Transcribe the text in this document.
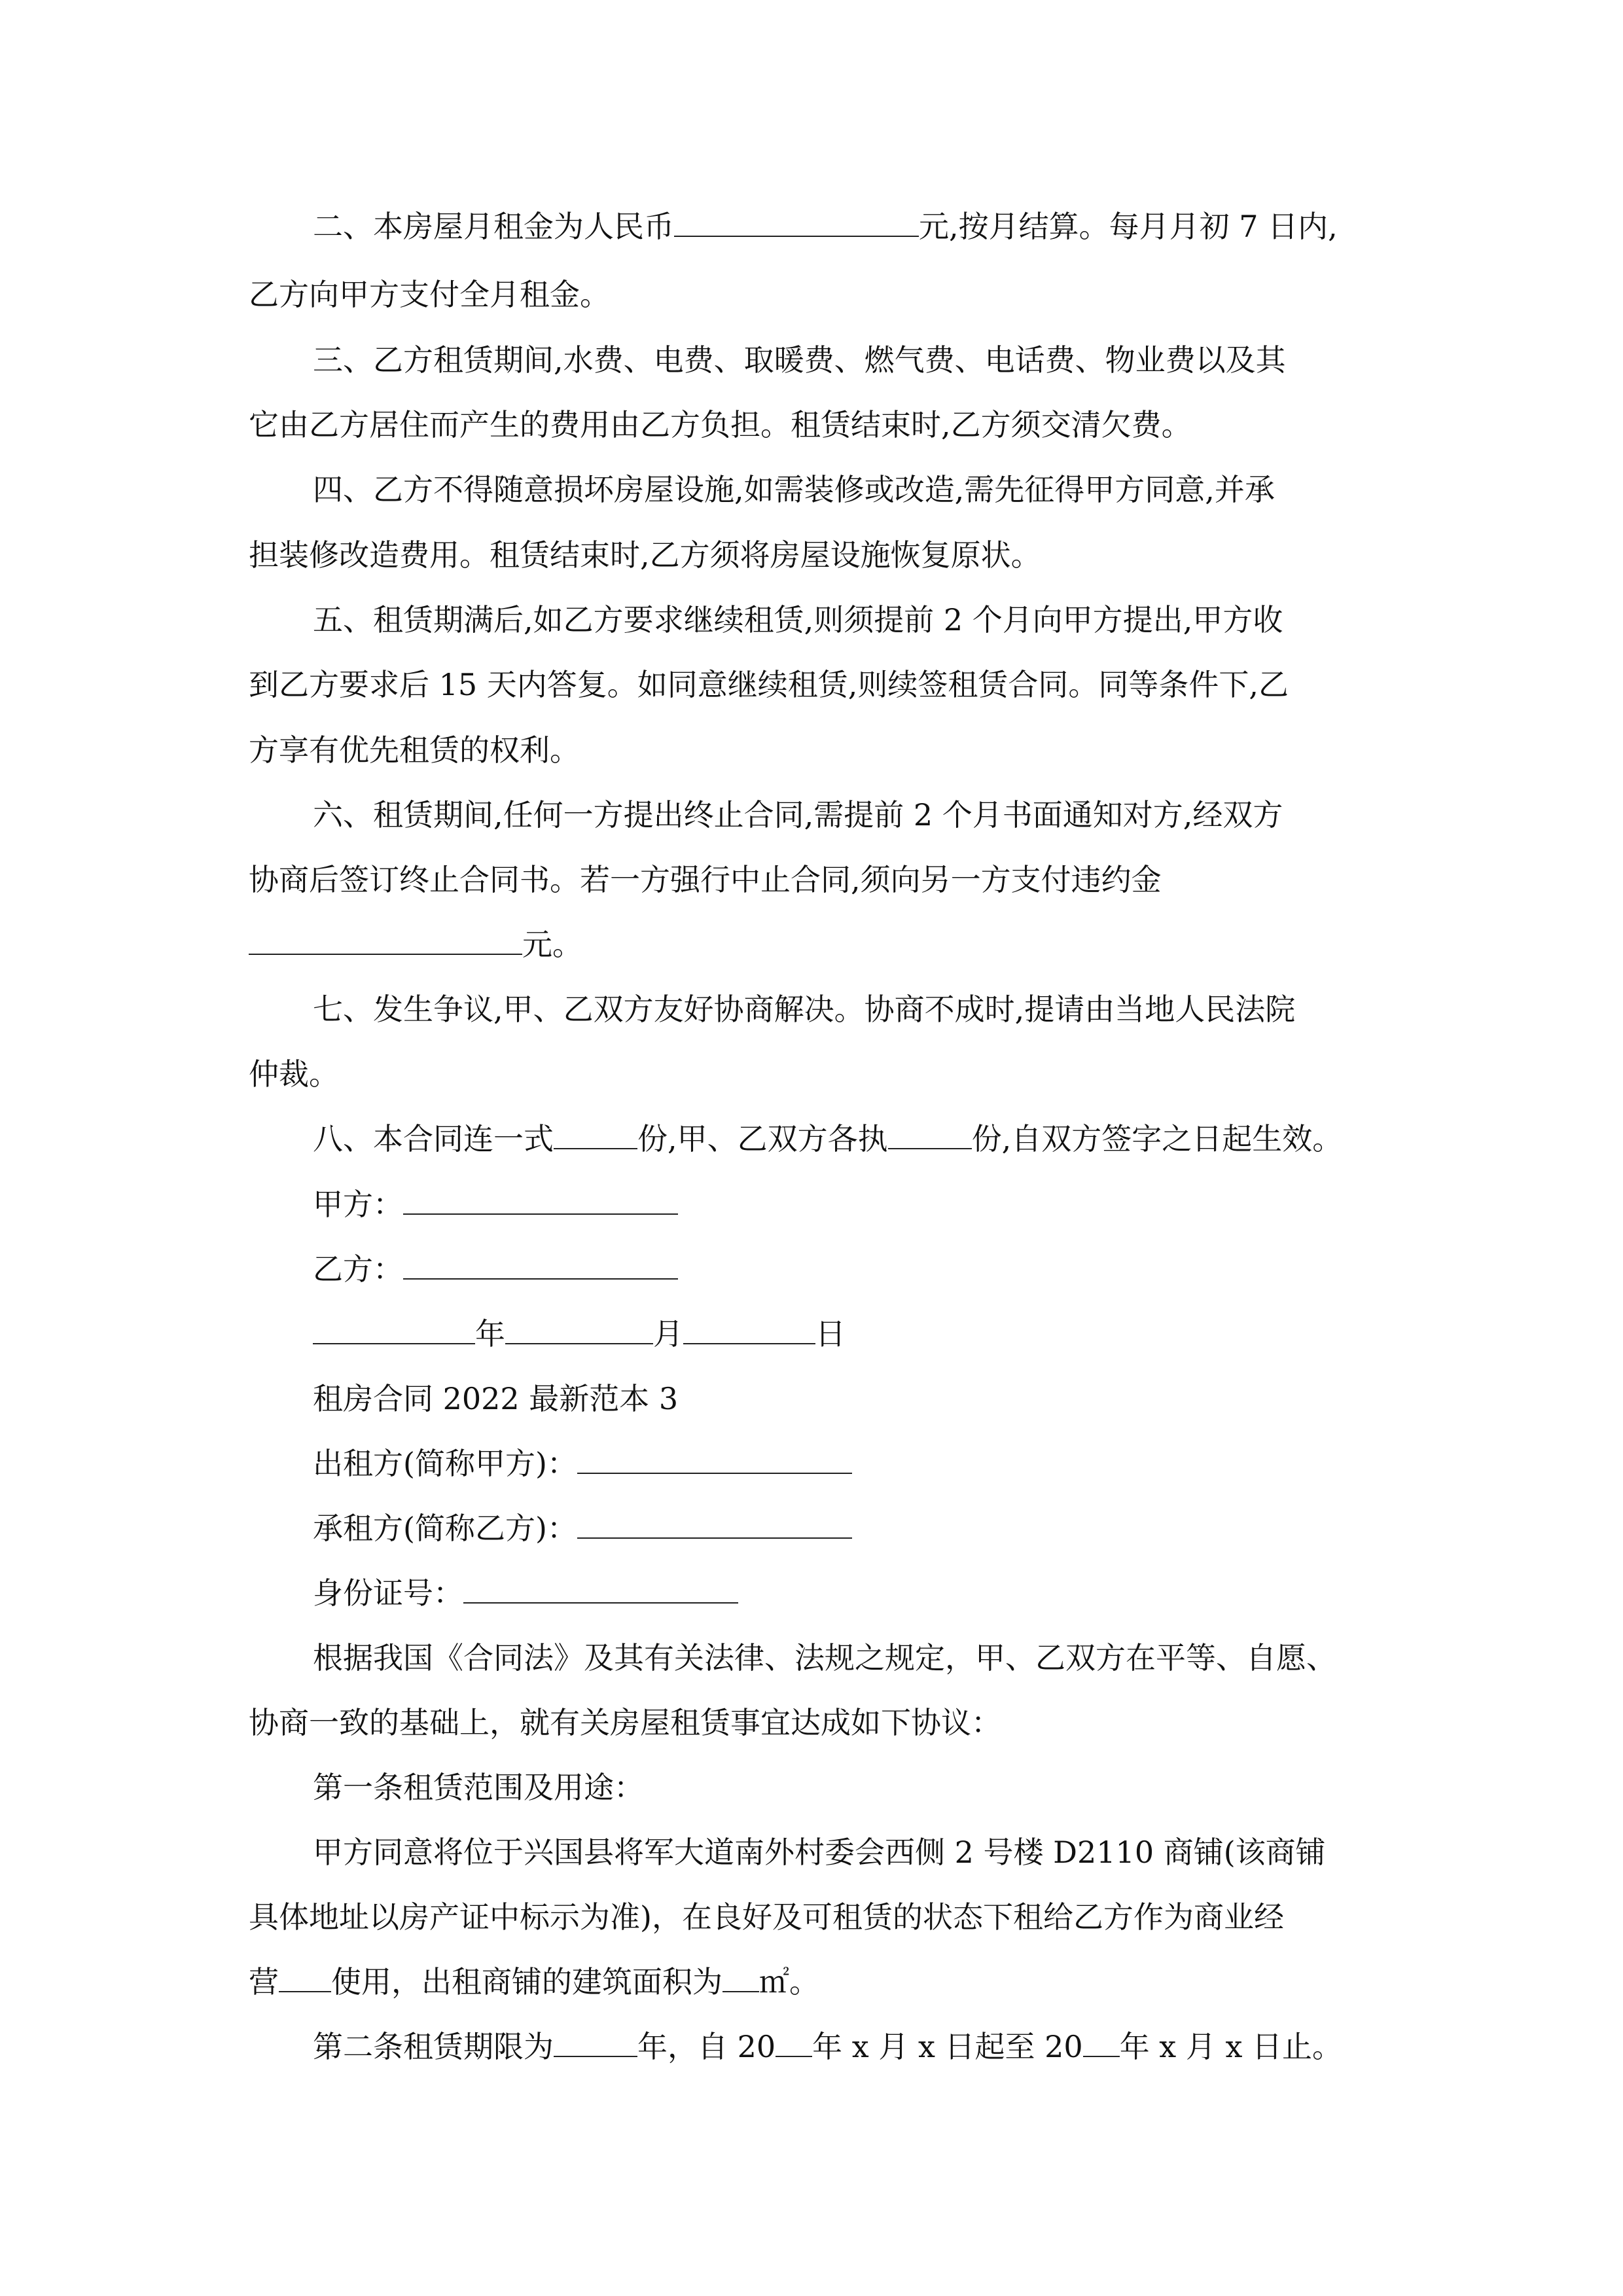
二、本房屋月租金为人民币	元,按月结算。每月月初 7 日内,
乙方向甲方支付全月租金。
三、乙方租赁期间,水费、电费、取暖费、燃气费、电话费、物业费以及其
它由乙方居住而产生的费用由乙方负担。租赁结束时,乙方须交清欠费。
四、乙方不得随意损坏房屋设施,如需装修或改造,需先征得甲方同意,并承
担装修改造费用。租赁结束时,乙方须将房屋设施恢复原状。
五、租赁期满后,如乙方要求继续租赁,则须提前 2 个月向甲方提出,甲方收
到乙方要求后 15 天内答复。如同意继续租赁,则续签租赁合同。同等条件下,乙
方享有优先租赁的权利。
六、租赁期间,任何一方提出终止合同,需提前 2 个月书面通知对方,经双方
协商后签订终止合同书。若一方强行中止合同,须向另一方支付违约金
元。
七、发生争议,甲、乙双方友好协商解决。协商不成时,提请由当地人民法院
仲裁。
八、本合同连一式	份,甲、乙双方各执	份,自双方签字之日起生效。
甲方：
乙方：
年	月	日
租房合同 2022 最新范本 3
出租方(简称甲方)：
承租方(简称乙方)：
身份证号：
根据我国《合同法》及其有关法律、法规之规定，甲、乙双方在平等、自愿、
协商一致的基础上，就有关房屋租赁事宜达成如下协议：
第一条租赁范围及用途：
甲方同意将位于兴国县将军大道南外村委会西侧 2 号楼 D2110 商铺(该商铺
具体地址以房产证中标示为准)，在良好及可租赁的状态下租给乙方作为商业经
营 使用，出租商铺的建筑面积为 ㎡。
第二条租赁期限为	年，自 20 年 x 月 x 日起至 20 年 x 月 x 日止。
